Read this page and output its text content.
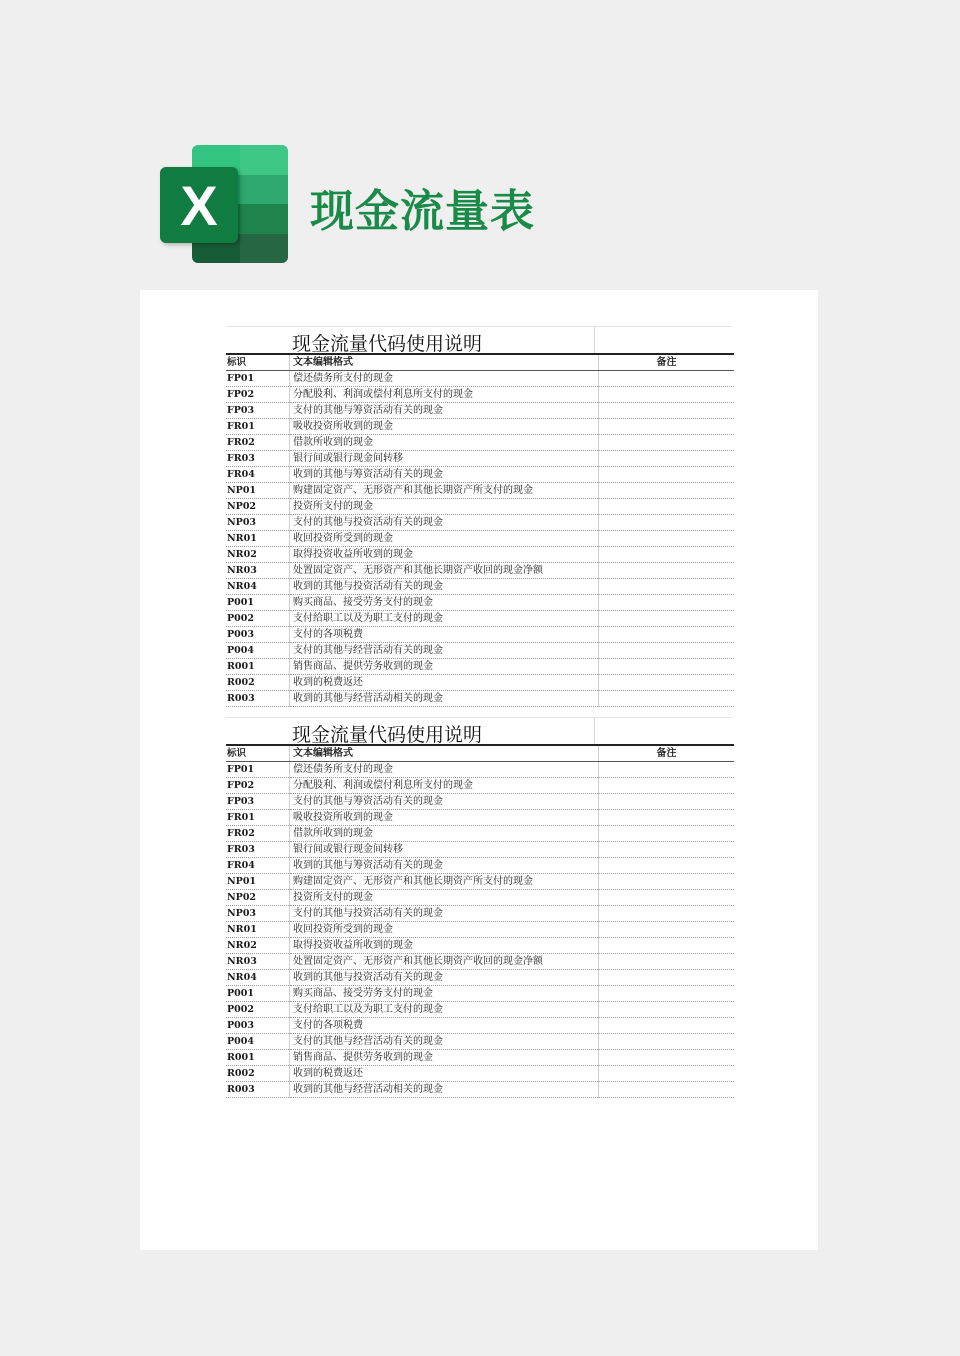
X 现金流量表
现金流量代码使用说明
标识	文本编辑格式	备注
FP01	偿还债务所支付的现金	
FP02	分配股利、利润或偿付利息所支付的现金	
FP03	支付的其他与筹资活动有关的现金	
FR01	吸收投资所收到的现金	
FR02	借款所收到的现金	
FR03	银行间或银行现金间转移	
FR04	收到的其他与筹资活动有关的现金	
NP01	购建固定资产、无形资产和其他长期资产所支付的现金	
NP02	投资所支付的现金	
NP03	支付的其他与投资活动有关的现金	
NR01	收回投资所受到的现金	
NR02	取得投资收益所收到的现金	
NR03	处置固定资产、无形资产和其他长期资产收回的现金净额	
NR04	收到的其他与投资活动有关的现金	
P001	购买商品、接受劳务支付的现金	
P002	支付给职工以及为职工支付的现金	
P003	支付的各项税费	
P004	支付的其他与经营活动有关的现金	
R001	销售商品、提供劳务收到的现金	
R002	收到的税费返还	
R003	收到的其他与经营活动相关的现金	
现金流量代码使用说明
标识	文本编辑格式	备注
FP01	偿还债务所支付的现金	
FP02	分配股利、利润或偿付利息所支付的现金	
FP03	支付的其他与筹资活动有关的现金	
FR01	吸收投资所收到的现金	
FR02	借款所收到的现金	
FR03	银行间或银行现金间转移	
FR04	收到的其他与筹资活动有关的现金	
NP01	购建固定资产、无形资产和其他长期资产所支付的现金	
NP02	投资所支付的现金	
NP03	支付的其他与投资活动有关的现金	
NR01	收回投资所受到的现金	
NR02	取得投资收益所收到的现金	
NR03	处置固定资产、无形资产和其他长期资产收回的现金净额	
NR04	收到的其他与投资活动有关的现金	
P001	购买商品、接受劳务支付的现金	
P002	支付给职工以及为职工支付的现金	
P003	支付的各项税费	
P004	支付的其他与经营活动有关的现金	
R001	销售商品、提供劳务收到的现金	
R002	收到的税费返还	
R003	收到的其他与经营活动相关的现金	
